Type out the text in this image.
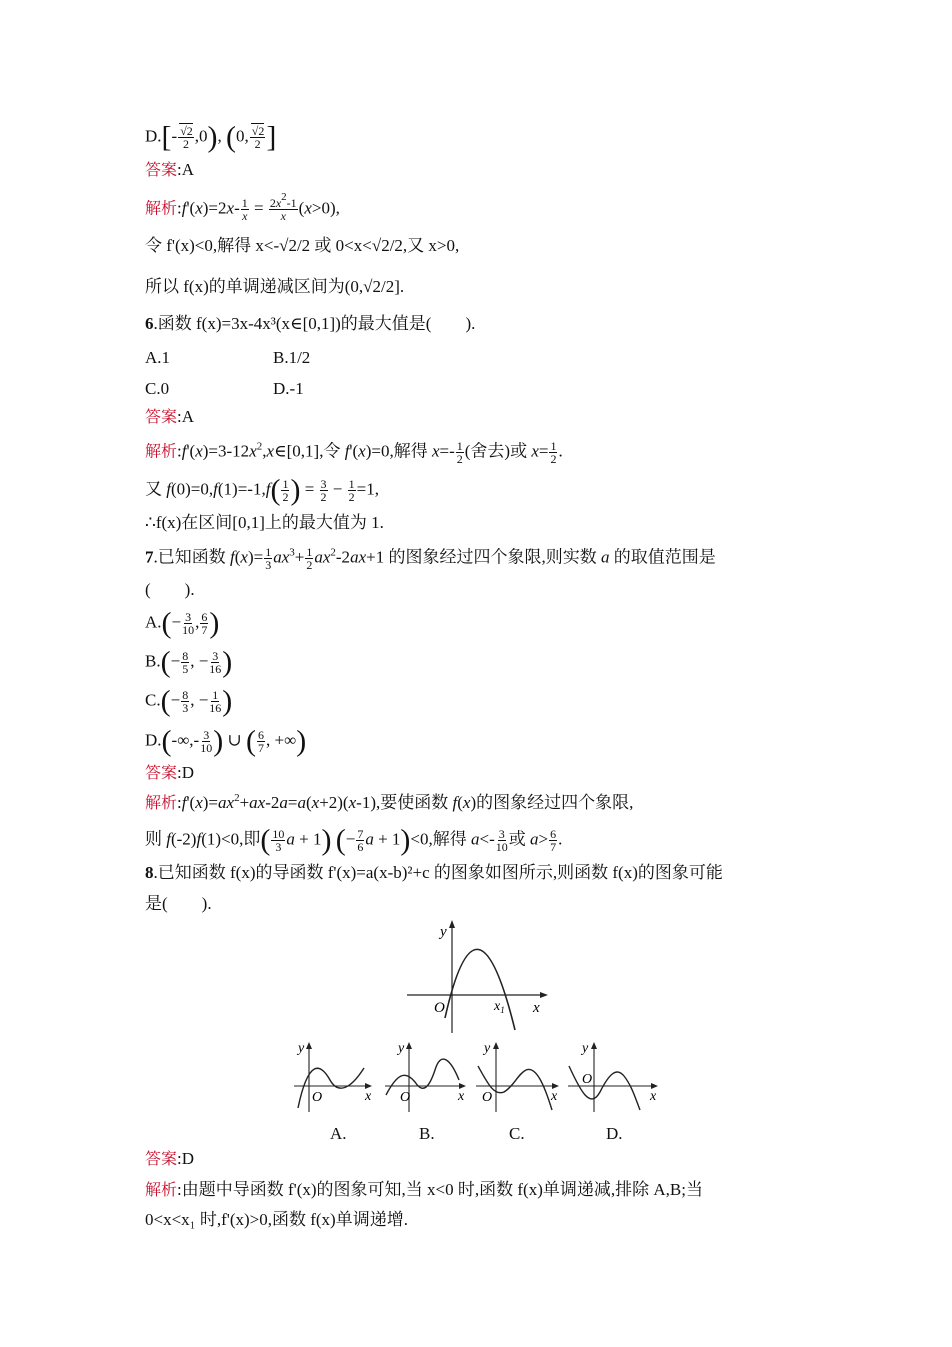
$D.[- \frac{√2}{2} ,0)$, (0, $\frac{√2}{2}$ ]
答案:A
解析:f'(x)=2x- $\frac{1}{x} = \frac{2x^2-1}{x} (x>0)$,
令 f'(x)<0,解得 x<-√2/2 或 0<x<√2/2,又 x>0,
所以 f(x)的单调递减区间为(0,√2/2].
6.函数 f(x)=3x-4x³(x∈[0,1])的最大值是(　　).
A.1	B.1/2
C.0	D.-1
答案:A
解析$:f'(x)=3-12x^2,x\in[0,1]$,令 f'(x)=0,解得 $x=- \frac{1}{2}$ (舍去)或 $x= \frac{1}{2}$ .
又 $f(0)=0,f(1)=-1,f( \frac{1}{2}$ ) = $\frac{3}{2} - \frac{1}{2} =1$,
∴f(x)在区间[0,1]上的最大值为 1.
7.已知函数 $f(x)= \frac{1}{3} ax^3+ \frac{1}{2} ax^2-2ax+1$ 的图象经过四个象限,则实数 a 的取值范围是
(　　).
$A.(- \frac{3}{10}$ , $\frac{6}{7}$ )
$B.(- \frac{8}{5}$ , − $\frac{3}{16}$ )
$C.(- \frac{8}{3}$ , − $\frac{1}{16}$ )
$D.(-\infty,- \frac{3}{10}$ ) ∪ ( $\frac{6}{7}$ , +∞)
答案:D
解析$:f'(x)=ax^2+ax-2a=a(x+2)(x-1)$,要使函数 f(x)的图象经过四个象限,
则 f(-2)f(1)<0,即( $\frac{10}{3}$ a + 1) (− $\frac{7}{6}$ a + 1)<0,解得 $a<- \frac{3}{10}$ 或 $a> \frac{6}{7}$ .
8.已知函数 f(x)的导函数 f'(x)=a(x-b)²+c 的图象如图所示,则函数 f(x)的图象可能
是(　　).
y
x
O	$x_1$
y
x
O
y
x
O
y
x
O
y
x
O
A.	B.	C.	D.
答案:D
解析:由题中导函数 f'(x)的图象可知,当 x<0 时,函数 f(x)单调递减,排除 A,B;当
0<x<x₁ 时,f'(x)>0,函数 f(x)单调递增.
